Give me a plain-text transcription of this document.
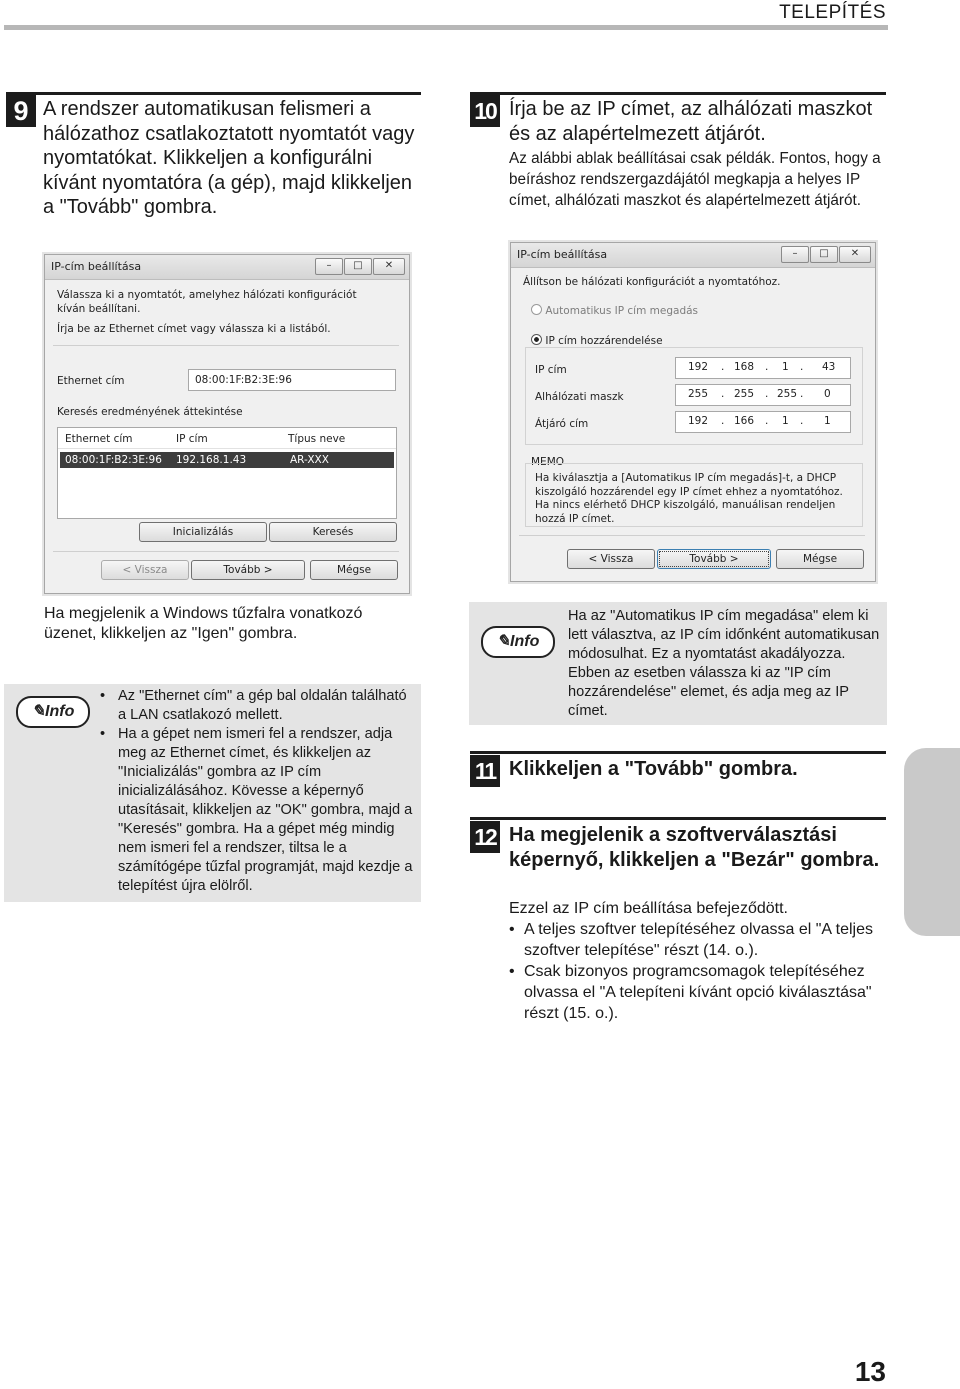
TELEPÍTÉS
9 A rendszer automatikusan felismeri a hálózathoz csatlakoztatott nyomtatót vagy nyomtatókat. Klikkeljen a konfigurálni kívánt nyomtatóra (a gép), majd klikkeljen a "Tovább" gombra.
IP-cím beállítása	–	□	✕
Válassza ki a nyomtatót, amelyhez hálózati konfigurációt kíván beállítani.
Írja be az Ethernet címet vagy válassza ki a listából.
Ethernet cím	08:00:1F:B2:3E:96
Keresés eredményének áttekintése
Ethernet cím	IP cím	Típus neve
08:00:1F:B2:3E:96 192.168.1.43	AR-XXX
Inicializálás	Keresés
< Vissza	Tovább >	Mégse
Ha megjelenik a Windows tűzfalra vonatkozó üzenet, klikkeljen az "Igen" gombra.
✎Info
• Az "Ethernet cím" a gép bal oldalán található a LAN csatlakozó mellett.
• Ha a gépet nem ismeri fel a rendszer, adja meg az Ethernet címet, és klikkeljen az "Inicializálás" gombra az IP cím inicializálásához. Kövesse a képernyő utasításait, klikkeljen az "OK" gombra, majd a "Keresés" gombra. Ha a gépet még mindig nem ismeri fel a rendszer, tiltsa le a számítógépe tűzfal programját, majd kezdje a telepítést újra elölről.
10 Írja be az IP címet, az alhálózati maszkot és az alapértelmezett átjárót.
Az alábbi ablak beállításai csak példák. Fontos, hogy a beíráshoz rendszergazdájától megkapja a helyes IP címet, alhálózati maszkot és alapértelmezett átjárót.
IP-cím beállítása	–	□	✕
Állítson be hálózati konfigurációt a nyomtatóhoz.
Automatikus IP cím megadás
IP cím hozzárendelése
IP cím	192 . 168 . 1 . 43
Alhálózati maszk	255 . 255 . 255 . 0
Átjáró cím	192 . 166 . 1 . 1
MEMO
Ha kiválasztja a [Automatikus IP cím megadás]-t, a DHCP kiszolgáló hozzárendel egy IP címet ehhez a nyomtatóhoz. Ha nincs elérhető DHCP kiszolgáló, manuálisan rendeljen hozzá IP címet.
< Vissza	Tovább >	Mégse
✎Info
Ha az "Automatikus IP cím megadása" elem ki lett választva, az IP cím időnként automatikusan módosulhat. Ez a nyomtatást akadályozza. Ebben az esetben válassza ki az "IP cím hozzárendelése" elemet, és adja meg az IP címet.
11 Klikkeljen a "Tovább" gombra.
12 Ha megjelenik a szoftverválasztási képernyő, klikkeljen a "Bezár" gombra.
Ezzel az IP cím beállítása befejeződött.
• A teljes szoftver telepítéséhez olvassa el "A teljes szoftver telepítése" részt (14. o.).
• Csak bizonyos programcsomagok telepítéséhez olvassa el "A telepíteni kívánt opció kiválasztása" részt (15. o.).
13
